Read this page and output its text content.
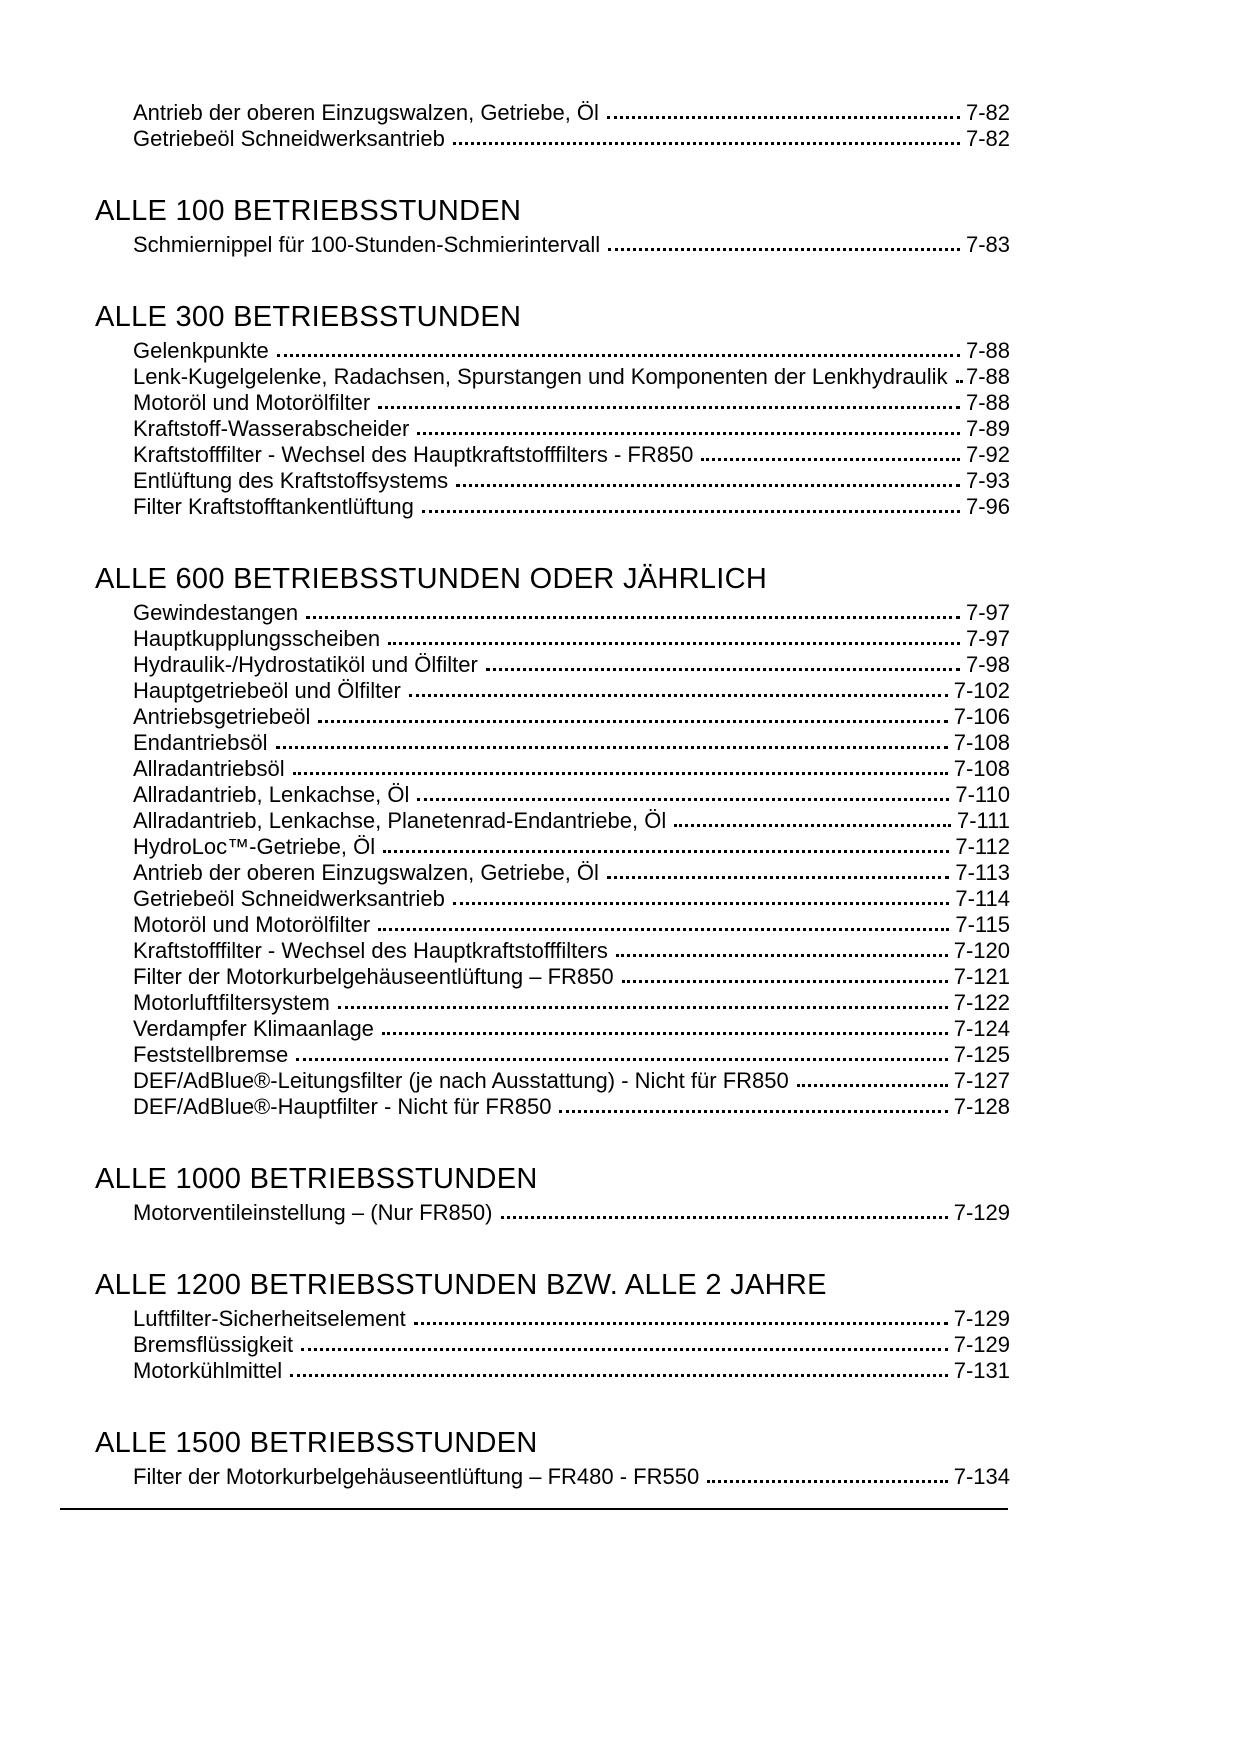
Antrieb der oberen Einzugswalzen, Getriebe, Öl	7-82
Getriebeöl Schneidwerksantrieb	7-82
ALLE 100 BETRIEBSSTUNDEN
Schmiernippel für 100-Stunden-Schmierintervall	7-83
ALLE 300 BETRIEBSSTUNDEN
Gelenkpunkte	7-88
Lenk-Kugelgelenke, Radachsen, Spurstangen und Komponenten der Lenkhydraulik 7-88
Motoröl und Motorölfilter	7-88
Kraftstoff-Wasserabscheider	7-89
Kraftstofffilter - Wechsel des Hauptkraftstofffilters - FR850	7-92
Entlüftung des Kraftstoffsystems	7-93
Filter Kraftstofftankentlüftung	7-96
ALLE 600 BETRIEBSSTUNDEN ODER JÄHRLICH
Gewindestangen	7-97
Hauptkupplungsscheiben	7-97
Hydraulik-/Hydrostatiköl und Ölfilter	7-98
Hauptgetriebeöl und Ölfilter	7-102
Antriebsgetriebeöl	7-106
Endantriebsöl	7-108
Allradantriebsöl	7-108
Allradantrieb, Lenkachse, Öl	7-110
Allradantrieb, Lenkachse, Planetenrad-Endantriebe, Öl	7-111
HydroLoc™-Getriebe, Öl	7-112
Antrieb der oberen Einzugswalzen, Getriebe, Öl	7-113
Getriebeöl Schneidwerksantrieb	7-114
Motoröl und Motorölfilter	7-115
Kraftstofffilter - Wechsel des Hauptkraftstofffilters	7-120
Filter der Motorkurbelgehäuseentlüftung – FR850	7-121
Motorluftfiltersystem	7-122
Verdampfer Klimaanlage	7-124
Feststellbremse	7-125
DEF/AdBlue®-Leitungsfilter (je nach Ausstattung) - Nicht für FR850	7-127
DEF/AdBlue®-Hauptfilter - Nicht für FR850	7-128
ALLE 1000 BETRIEBSSTUNDEN
Motorventileinstellung – (Nur FR850)	7-129
ALLE 1200 BETRIEBSSTUNDEN BZW. ALLE 2 JAHRE
Luftfilter-Sicherheitselement	7-129
Bremsflüssigkeit	7-129
Motorkühlmittel	7-131
ALLE 1500 BETRIEBSSTUNDEN
Filter der Motorkurbelgehäuseentlüftung – FR480 - FR550	7-134
